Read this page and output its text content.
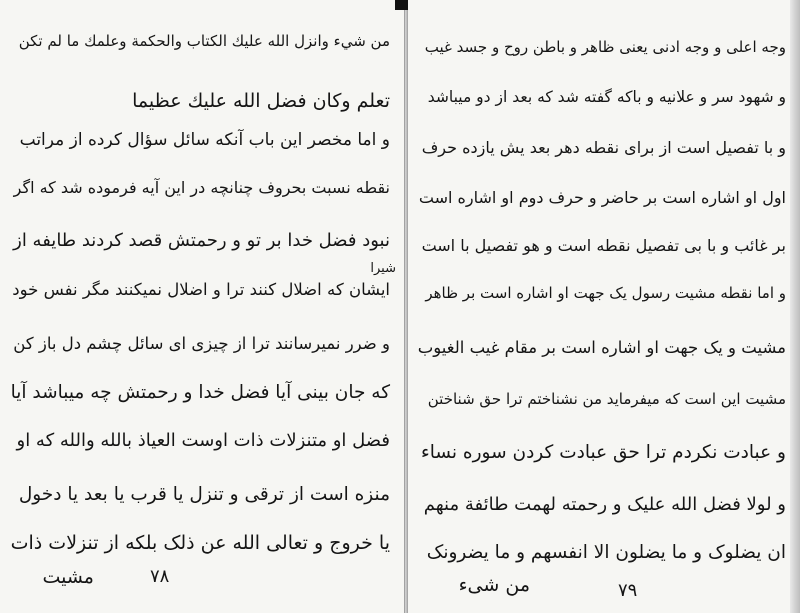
من شيء وانزل الله عليك الكتاب والحكمة وعلمك ما لم تكن
تعلم وكان فضل الله عليك عظيما
و اما مخصر این باب آنکه سائل سؤال کرده از مراتب
نقطه نسبت بحروف چنانچه در این آیه فرموده شد که اگر
نبود فضل خدا بر تو و رحمتش قصد کردند طایفه از
ایشان که اضلال کنند ترا و اضلال نمیکنند مگر نفس خود
و ضرر نمیرسانند ترا از چیزی ای سائل چشم دل باز کن
که جان بینی آیا فضل خدا و رحمتش چه میباشد آیا
فضل او متنزلات ذات اوست العیاذ بالله والله که او
منزه است از ترقی و تنزل یا قرب یا بعد یا دخول
یا خروج و تعالی الله عن ذلک بلکه از تنزلات ذات
مشیت
شیرا
۷۸
وجه اعلی و وجه ادنی یعنی ظاهر و باطن روح و جسد غیب
و شهود سر و علانیه و باکه گفته شد که بعد از دو میباشد
و با تفصیل است از برای نقطه دهر بعد یش یازده حرف
اول او اشاره است بر حاضر و حرف دوم او اشاره است
بر غائب و با بی تفصیل نقطه است و هو تفصیل با است
و اما نقطه مشیت رسول یک جهت او اشاره است بر ظاهر
مشیت و یک جهت او اشاره است بر مقام غیب الغیوب
مشیت این است که میفرماید من نشناختم ترا حق شناختن
و عبادت نکردم ترا حق عبادت کردن سوره نساء
و لولا فضل الله علیک و رحمته لهمت طائفة منهم
ان یضلوک و ما یضلون الا انفسهم و ما یضرونک
من شیء	۷۹
